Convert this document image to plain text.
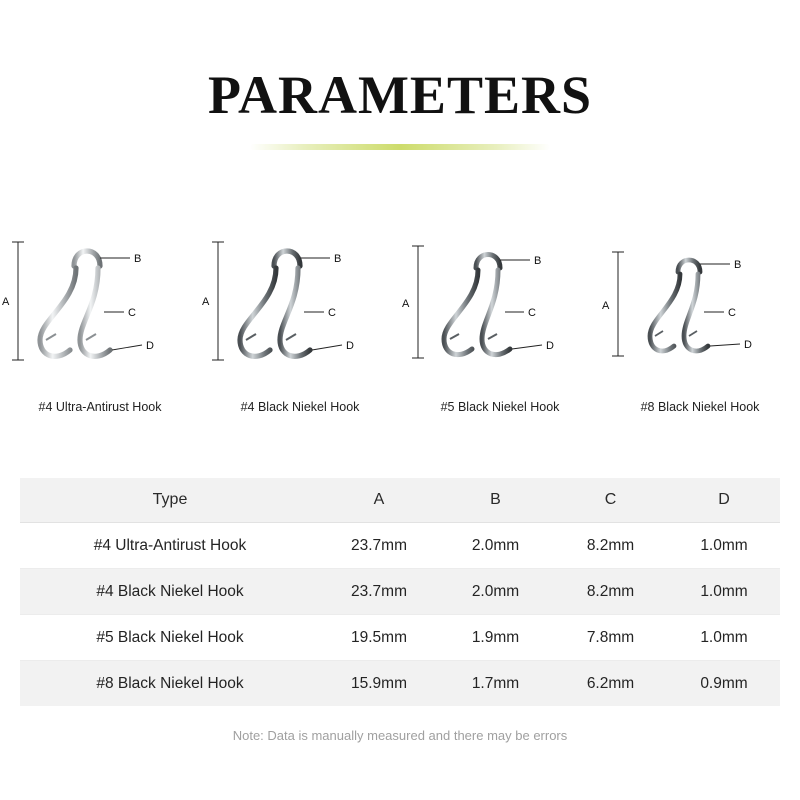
PARAMETERS
A
B
C
D
#4 Ultra-Antirust Hook
A
B
C
D
#4 Black Niekel Hook
A
B
C
D
#5 Black Niekel Hook
A
B
C
D
#8 Black Niekel Hook
Type	A	B	C	D
#4 Ultra-Antirust Hook	23.7mm	2.0mm	8.2mm	1.0mm
#4 Black Niekel Hook	23.7mm	2.0mm	8.2mm	1.0mm
#5 Black Niekel Hook	19.5mm	1.9mm	7.8mm	1.0mm
#8 Black Niekel Hook	15.9mm	1.7mm	6.2mm	0.9mm
Note: Data is manually measured and there may be errors
